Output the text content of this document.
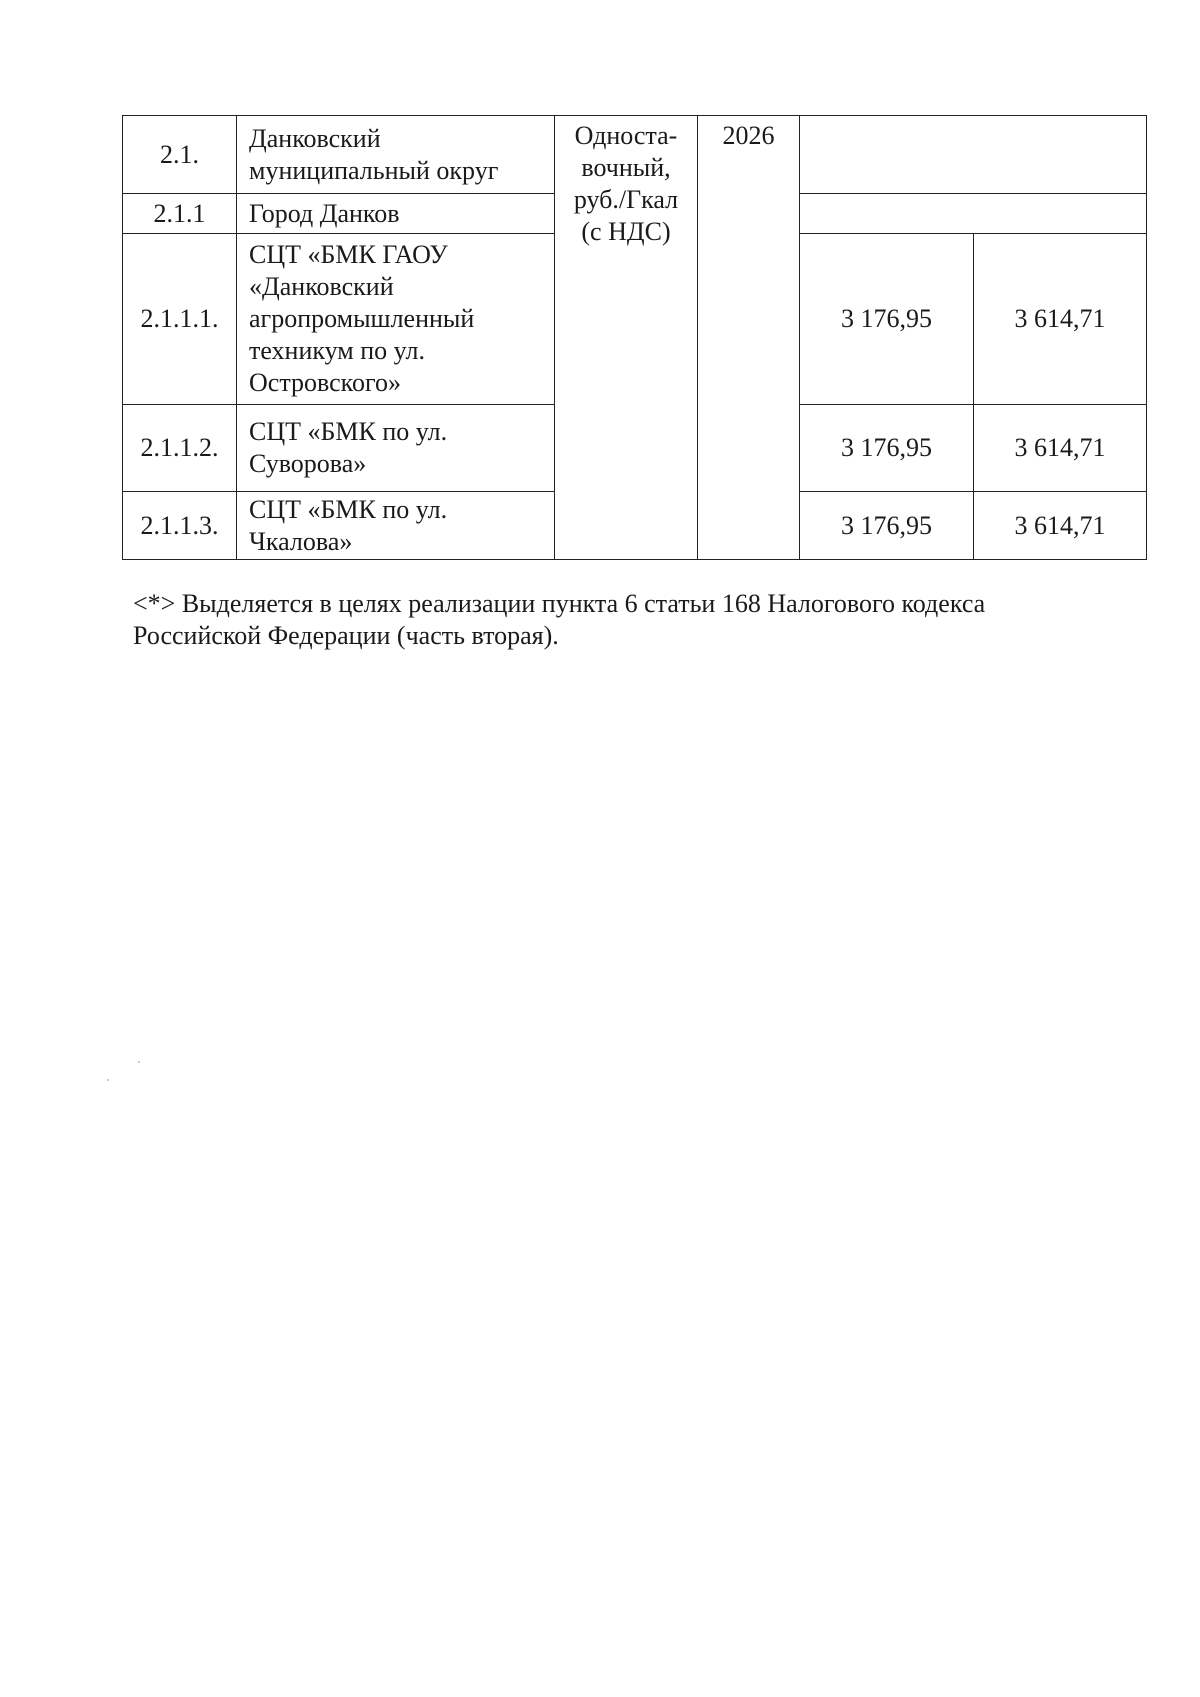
2.1.	Данковский муниципальный округ	Односта-вочный, руб./Гкал (с НДС)	2026		
2.1.1	Город Данков				
2.1.1.1.	СЦТ «БМК ГАОУ «Данковский агропромышленный техникум по ул. Островского»			3 176,95	3 614,71
2.1.1.2.	СЦТ «БМК по ул. Суворова»			3 176,95	3 614,71
2.1.1.3.	СЦТ «БМК по ул. Чкалова»			3 176,95	3 614,71

<*> Выделяется в целях реализации пункта 6 статьи 168 Налогового кодекса

Российской Федерации (часть вторая).
